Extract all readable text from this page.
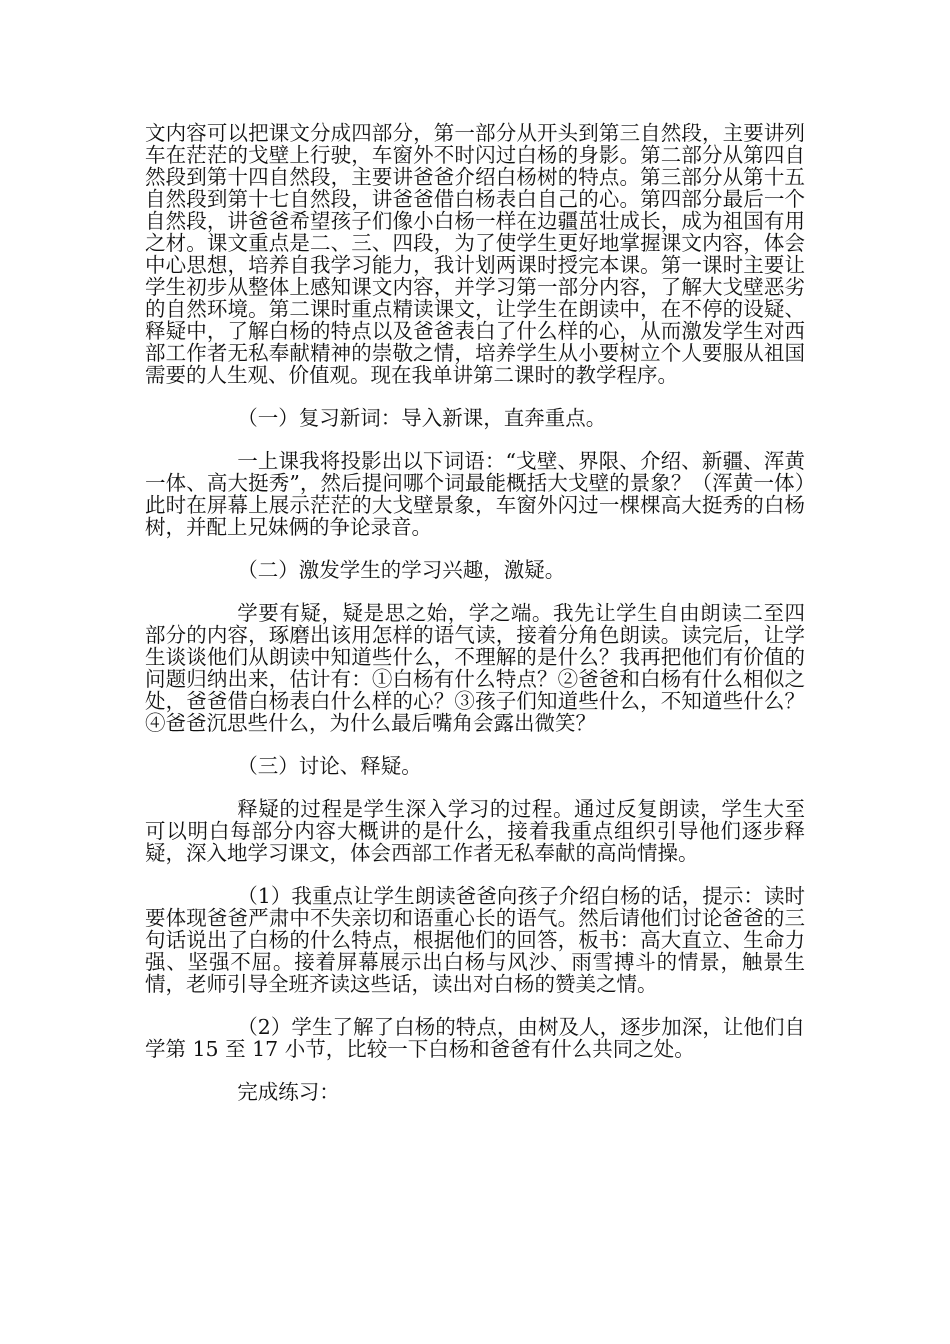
文内容可以把课文分成四部分，第一部分从开头到第三自然段，主要讲列车在茫茫的戈壁上行驶，车窗外不时闪过白杨的身影。第二部分从第四自然段到第十四自然段，主要讲爸爸介绍白杨树的特点。第三部分从第十五自然段到第十七自然段，讲爸爸借白杨表白自己的心。第四部分最后一个自然段，讲爸爸希望孩子们像小白杨一样在边疆茁壮成长，成为祖国有用之材。课文重点是二、三、四段，为了使学生更好地掌握课文内容，体会中心思想，培养自我学习能力，我计划两课时授完本课。第一课时主要让学生初步从整体上感知课文内容，并学习第一部分内容，了解大戈壁恶劣的自然环境。第二课时重点精读课文，让学生在朗读中，在不停的设疑、释疑中，了解白杨的特点以及爸爸表白了什么样的心，从而激发学生对西部工作者无私奉献精神的崇敬之情，培养学生从小要树立个人要服从祖国需要的人生观、价值观。现在我单讲第二课时的教学程序。

（一）复习新词：导入新课，直奔重点。

一上课我将投影出以下词语：“戈壁、界限、介绍、新疆、浑黄一体、高大挺秀”，然后提问哪个词最能概括大戈壁的景象？（浑黄一体）此时在屏幕上展示茫茫的大戈壁景象，车窗外闪过一棵棵高大挺秀的白杨树，并配上兄妹俩的争论录音。

（二）激发学生的学习兴趣，激疑。

学要有疑，疑是思之始，学之端。我先让学生自由朗读二至四部分的内容，琢磨出该用怎样的语气读，接着分角色朗读。读完后，让学生谈谈他们从朗读中知道些什么，不理解的是什么？我再把他们有价值的问题归纳出来，估计有：①白杨有什么特点？②爸爸和白杨有什么相似之处，爸爸借白杨表白什么样的心？③孩子们知道些什么，不知道些什么？④爸爸沉思些什么，为什么最后嘴角会露出微笑？

（三）讨论、释疑。

释疑的过程是学生深入学习的过程。通过反复朗读，学生大至可以明白每部分内容大概讲的是什么，接着我重点组织引导他们逐步释疑，深入地学习课文，体会西部工作者无私奉献的高尚情操。

（1）我重点让学生朗读爸爸向孩子介绍白杨的话，提示：读时要体现爸爸严肃中不失亲切和语重心长的语气。然后请他们讨论爸爸的三句话说出了白杨的什么特点，根据他们的回答，板书：高大直立、生命力强、坚强不屈。接着屏幕展示出白杨与风沙、雨雪搏斗的情景，触景生情，老师引导全班齐读这些话，读出对白杨的赞美之情。

（2）学生了解了白杨的特点，由树及人，逐步加深，让他们自学第 15 至 17 小节，比较一下白杨和爸爸有什么共同之处。

完成练习：
